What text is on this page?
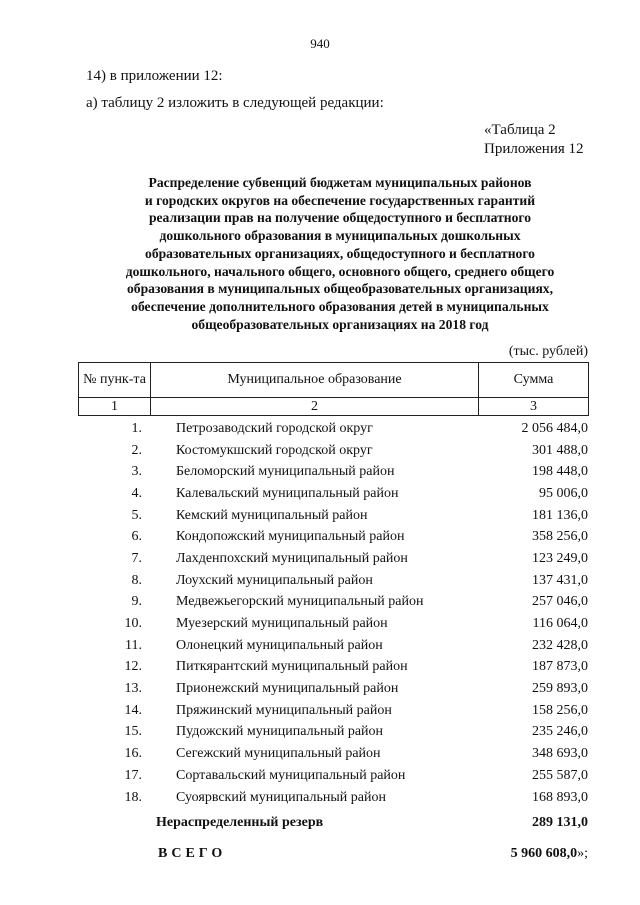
940
14) в приложении 12:
а) таблицу 2 изложить в следующей редакции:
«Таблица 2
Приложения 12
Распределение субвенций бюджетам муниципальных районов
и городских округов на обеспечение государственных гарантий
реализации прав на получение общедоступного и бесплатного
дошкольного образования в муниципальных дошкольных
образовательных организациях, общедоступного и бесплатного
дошкольного, начального общего, основного общего, среднего общего
образования в муниципальных общеобразовательных организациях,
обеспечение дополнительного образования детей в муниципальных
общеобразовательных организациях на 2018 год
(тыс. рублей)
№ пунк-та	Муниципальное образование	Сумма
1	2	3
1.	Петрозаводский городской округ	2 056 484,0
2.	Костомукшский городской округ	301 488,0
3.	Беломорский муниципальный район	198 448,0
4.	Калевальский муниципальный район	95 006,0
5.	Кемский муниципальный район	181 136,0
6.	Кондопожский муниципальный район	358 256,0
7.	Лахденпохский муниципальный район	123 249,0
8.	Лоухский муниципальный район	137 431,0
9.	Медвежьегорский муниципальный район	257 046,0
10.	Муезерский муниципальный район	116 064,0
11.	Олонецкий муниципальный район	232 428,0
12.	Питкярантский муниципальный район	187 873,0
13.	Прионежский муниципальный район	259 893,0
14.	Пряжинский муниципальный район	158 256,0
15.	Пудожский муниципальный район	235 246,0
16.	Сегежский муниципальный район	348 693,0
17.	Сортавальский муниципальный район	255 587,0
18.	Суоярвский муниципальный район	168 893,0
Нераспределенный резерв	289 131,0
ВСЕГО	5 960 608,0»;
